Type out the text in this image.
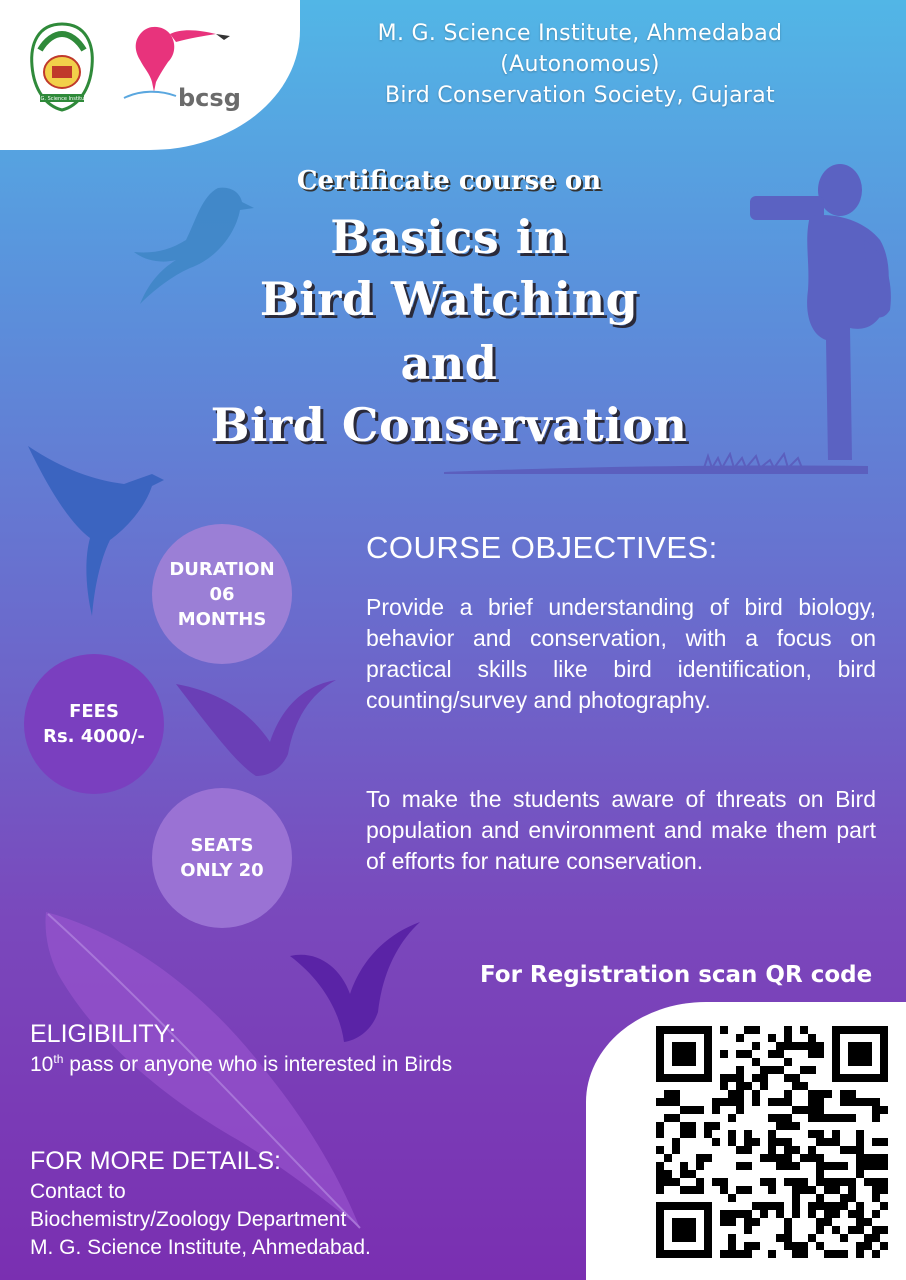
M.G. Science Institute	bcsg
M. G. Science Institute, Ahmedabad
(Autonomous)
Bird Conservation Society, Gujarat
Certificate course on
Basics in
Bird Watching
and
Bird Conservation
DURATION
06
MONTHS
FEES
Rs. 4000/-
SEATS
ONLY 20
COURSE OBJECTIVES:
Provide a brief understanding of bird biology, behavior and conservation, with a focus on practical skills like bird identification, bird counting/survey and photography.
To make the students aware of threats on Bird population and environment and make them part of efforts for nature conservation.
For Registration scan QR code
ELIGIBILITY:
10th pass or anyone who is interested in Birds
FOR MORE DETAILS:
Contact to
Biochemistry/Zoology Department
M. G. Science Institute, Ahmedabad.
